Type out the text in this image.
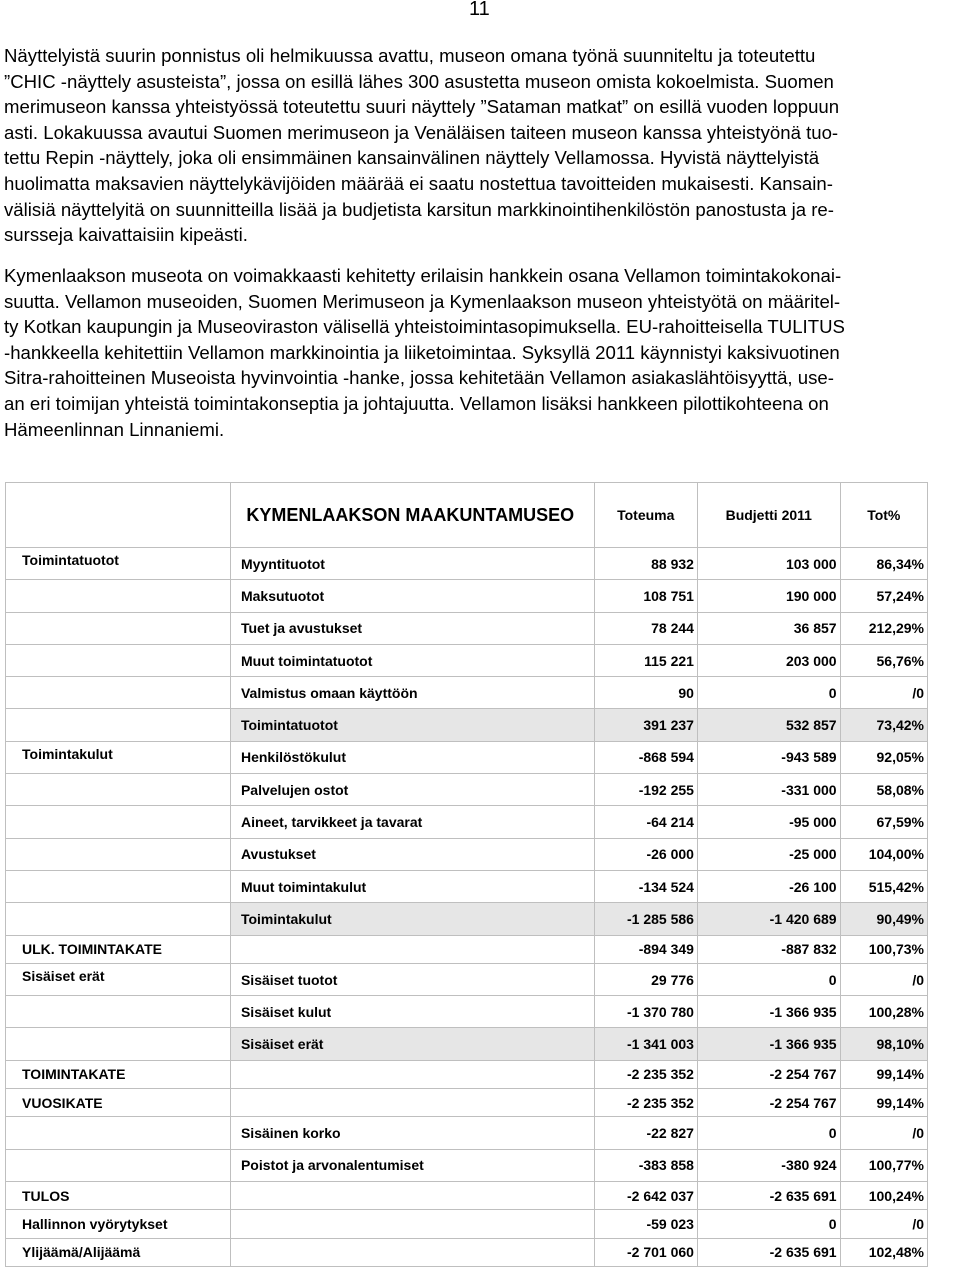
11
Näyttelyistä suurin ponnistus oli helmikuussa avattu, museon omana työnä suunniteltu ja toteutettu
”CHIC -näyttely asusteista”, jossa on esillä lähes 300 asustetta museon omista kokoelmista. Suomen
merimuseon kanssa yhteistyössä toteutettu suuri näyttely ”Sataman matkat” on esillä vuoden loppuun
asti. Lokakuussa avautui Suomen merimuseon ja Venäläisen taiteen museon kanssa yhteistyönä tuo-
tettu Repin -näyttely, joka oli ensimmäinen kansainvälinen näyttely Vellamossa. Hyvistä näyttelyistä
huolimatta maksavien näyttelykävijöiden määrää ei saatu nostettua tavoitteiden mukaisesti. Kansain-
välisiä näyttelyitä on suunnitteilla lisää ja budjetista karsitun markkinointihenkilöstön panostusta ja re-
sursseja kaivattaisiin kipeästi.
Kymenlaakson museota on voimakkaasti kehitetty erilaisin hankkein osana Vellamon toimintakokonai-
suutta. Vellamon museoiden, Suomen Merimuseon ja Kymenlaakson museon yhteistyötä on määritel-
ty Kotkan kaupungin ja Museoviraston välisellä yhteistoimintasopimuksella. EU-rahoitteisella TULITUS
-hankkeella kehitettiin Vellamon markkinointia ja liiketoimintaa. Syksyllä 2011 käynnistyi kaksivuotinen
Sitra-rahoitteinen Museoista hyvinvointia -hanke, jossa kehitetään Vellamon asiakaslähtöisyyttä, use-
an eri toimijan yhteistä toimintakonseptia ja johtajuutta. Vellamon lisäksi hankkeen pilottikohteena on
Hämeenlinnan Linnaniemi.
	KYMENLAAKSON MAAKUNTAMUSEO	Toteuma	Budjetti 2011	Tot%
Toimintatuotot	Myyntituotot	88 932	103 000	86,34%
	Maksutuotot	108 751	190 000	57,24%
	Tuet ja avustukset	78 244	36 857	212,29%
	Muut toimintatuotot	115 221	203 000	56,76%
	Valmistus omaan käyttöön	90	0	/0
	Toimintatuotot	391 237	532 857	73,42%
Toimintakulut	Henkilöstökulut	-868 594	-943 589	92,05%
	Palvelujen ostot	-192 255	-331 000	58,08%
	Aineet, tarvikkeet ja tavarat	-64 214	-95 000	67,59%
	Avustukset	-26 000	-25 000	104,00%
	Muut toimintakulut	-134 524	-26 100	515,42%
	Toimintakulut	-1 285 586	-1 420 689	90,49%
ULK. TOIMINTAKATE		-894 349	-887 832	100,73%
Sisäiset erät	Sisäiset tuotot	29 776	0	/0
	Sisäiset kulut	-1 370 780	-1 366 935	100,28%
	Sisäiset erät	-1 341 003	-1 366 935	98,10%
TOIMINTAKATE		-2 235 352	-2 254 767	99,14%
VUOSIKATE		-2 235 352	-2 254 767	99,14%
	Sisäinen korko	-22 827	0	/0
	Poistot ja arvonalentumiset	-383 858	-380 924	100,77%
TULOS		-2 642 037	-2 635 691	100,24%
Hallinnon vyörytykset		-59 023	0	/0
Ylijäämä/Alijäämä		-2 701 060	-2 635 691	102,48%
